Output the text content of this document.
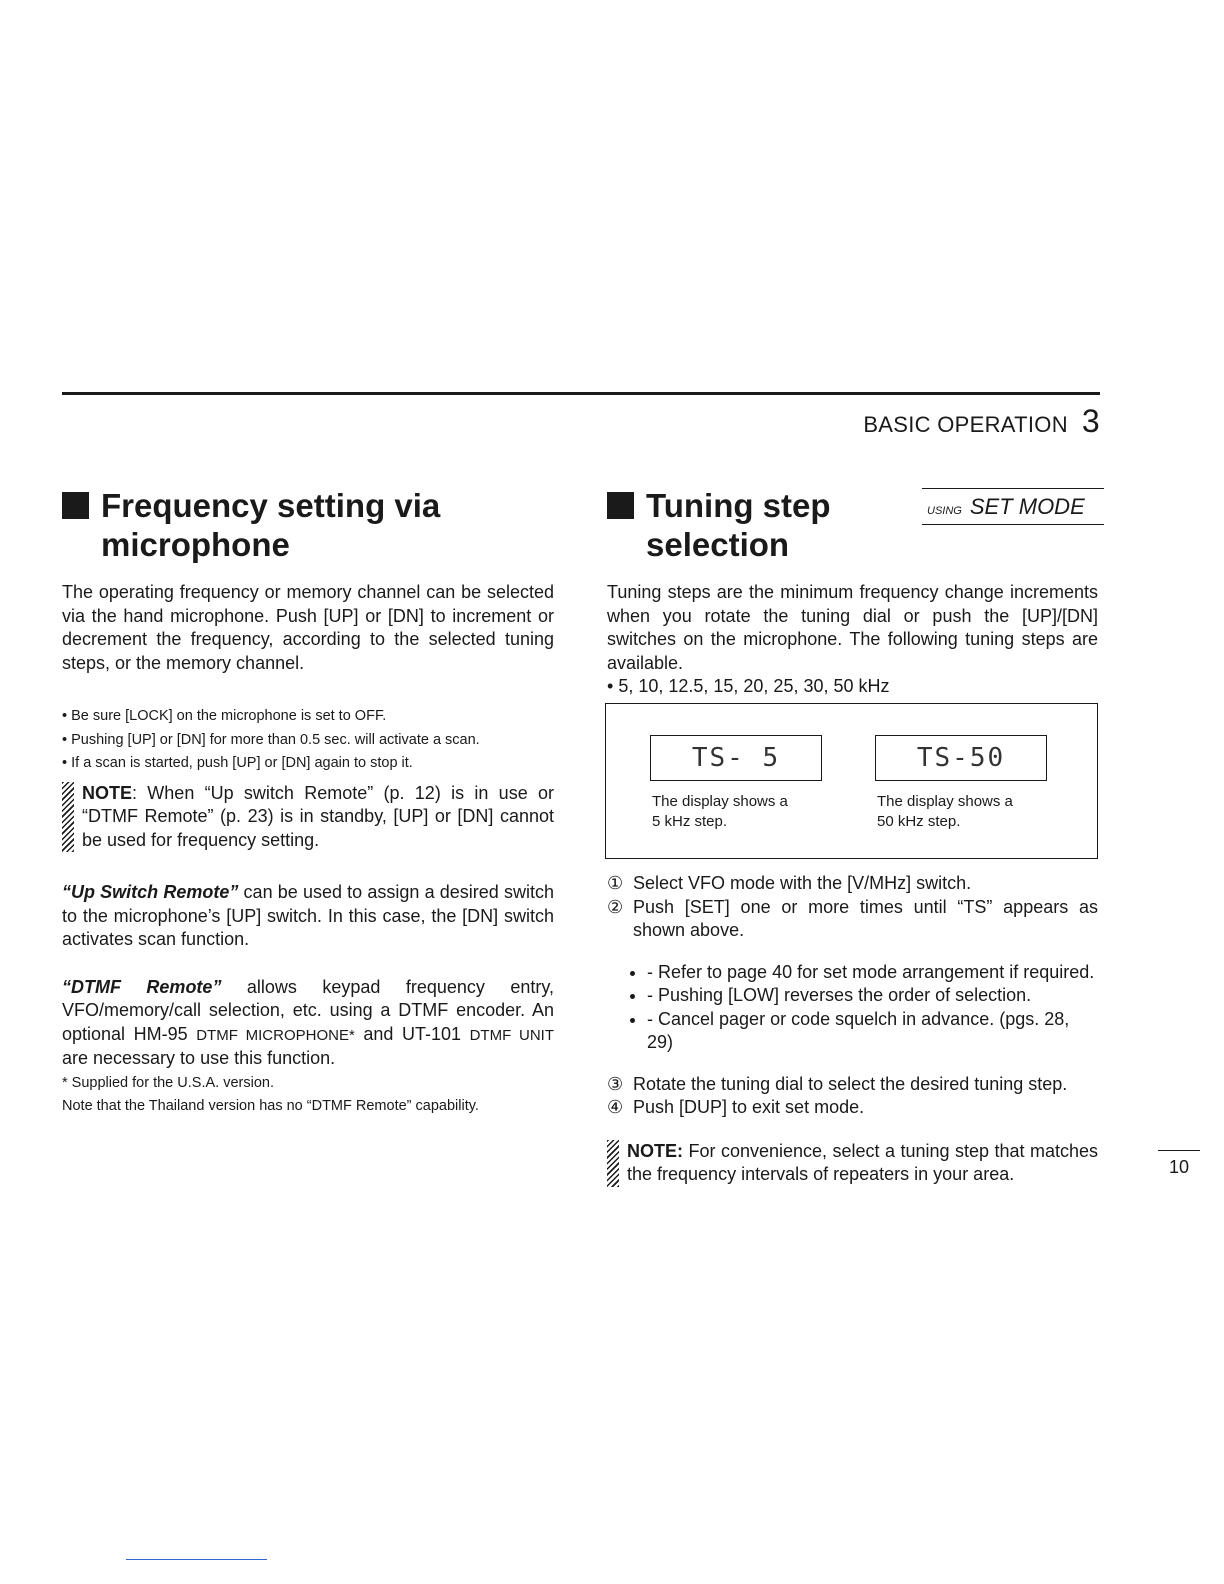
BASIC OPERATION 3
Frequency setting via
microphone

The operating frequency or memory channel can be selected via the hand microphone. Push [UP] or [DN] to increment or decrement the frequency, according to the selected tuning steps, or the memory channel.

• Be sure [LOCK] on the microphone is set to OFF.
• Pushing [UP] or [DN] for more than 0.5 sec. will activate a scan.
• If a scan is started, push [UP] or [DN] again to stop it.

NOTE: When “Up switch Remote” (p. 12) is in use or “DTMF Remote” (p. 23) is in standby, [UP] or [DN] cannot be used for frequency setting.

“Up Switch Remote” can be used to assign a desired switch to the microphone’s [UP] switch. In this case, the [DN] switch activates scan function.

“DTMF Remote” allows keypad frequency entry, VFO/memory/call selection, etc. using a DTMF encoder. An optional HM-95 DTMF MICROPHONE* and UT-101 DTMF UNIT are necessary to use this function.

* Supplied for the U.S.A. version.

Note that the Thailand version has no “DTMF Remote” capability.

Tuning step
selection

Tuning steps are the minimum frequency change increments when you rotate the tuning dial or push the [UP]/[DN] switches on the microphone. The following tuning steps are available.

• 5, 10, 12.5, 15, 20, 25, 30, 50 kHz

USING SET MODE
TS- 5
The display shows a
5 kHz step.
TS-50
The display shows a
50 kHz step.
① Select VFO mode with the [V/MHz] switch.
② Push [SET] one or more times until “TS” appears as shown above.
• - Refer to page 40 for set mode arrangement if required.
• - Pushing [LOW] reverses the order of selection.
• - Cancel pager or code squelch in advance. (pgs. 28, 29)
③ Rotate the tuning dial to select the desired tuning step.
④ Push [DUP] to exit set mode.

NOTE: For convenience, select a tuning step that matches the frequency intervals of repeaters in your area.	10
